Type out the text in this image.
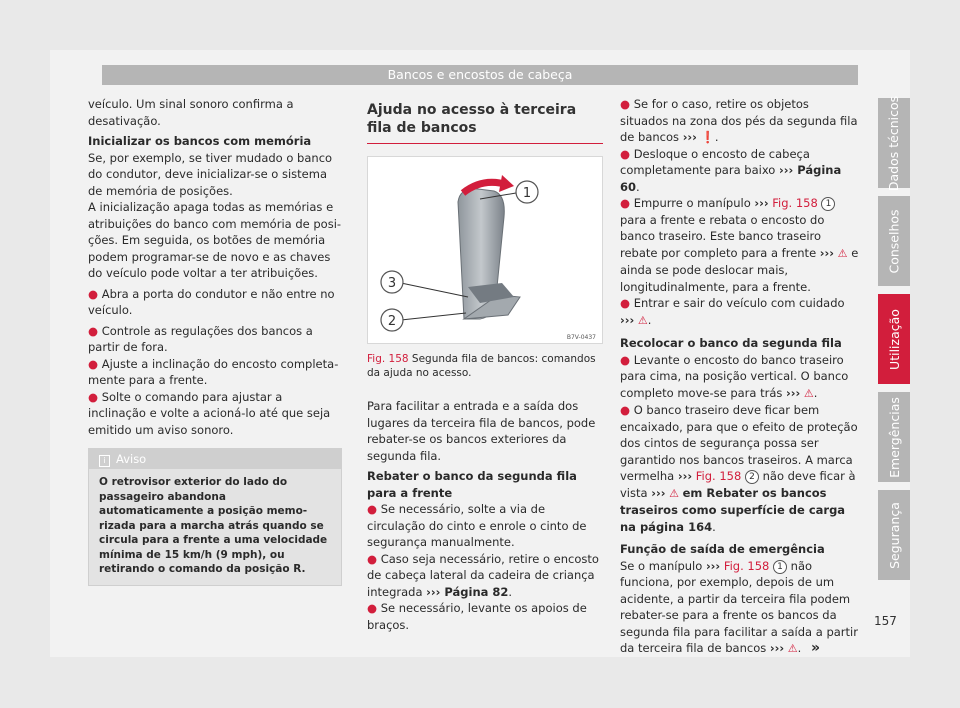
Bancos e encostos de cabeça

veículo. Um sinal sonoro confirma a desativação.

Inicializar os bancos com memória
Se, por exemplo, se tiver mudado o banco do condutor, deve inicializar-se o sistema de memória de posições.

A inicialização apaga todas as memórias e atribuições do banco com memória de posições. Em seguida, os botões de memória podem programar-se de novo e as chaves do veículo pode voltar a ter atribuições.

● Abra a porta do condutor e não entre no veículo.

● Controle as regulações dos bancos a partir de fora.

● Ajuste a inclinação do encosto completamente para a frente.

● Solte o comando para ajustar a inclinação e volte a acioná-lo até que seja emitido um aviso sonoro.

i Aviso
O retrovisor exterior do lado do passageiro abandona automaticamente a posição memorizada para a marcha atrás quando se circula para a frente a uma velocidade mínima de 15 km/h (9 mph), ou retirando o comando da posição R.
Ajuda no acesso à terceira fila de bancos
1
3
2
B7V-0437
Fig. 158 Segunda fila de bancos: comandos da ajuda no acesso.

Para facilitar a entrada e a saída dos lugares da terceira fila de bancos, pode rebater-se os bancos exteriores da segunda fila.

Rebater o banco da segunda fila para a frente

● Se necessário, solte a via de circulação do cinto e enrole o cinto de segurança manualmente.

● Caso seja necessário, retire o encosto de cabeça lateral da cadeira de criança integrada ››› Página 82.

● Se necessário, levante os apoios de braços.

● Se for o caso, retire os objetos situados na zona dos pés da segunda fila de bancos ››› ❗.

● Desloque o encosto de cabeça completamente para baixo ››› Página 60.

● Empurre o manípulo ››› Fig. 158 1 para a frente e rebata o encosto do banco traseiro. Este banco traseiro rebate por completo para a frente ››› ⚠ e ainda se pode deslocar mais, longitudinalmente, para a frente.

● Entrar e sair do veículo com cuidado ››› ⚠.

Recolocar o banco da segunda fila

● Levante o encosto do banco traseiro para cima, na posição vertical. O banco completo move-se para trás ››› ⚠.

● O banco traseiro deve ficar bem encaixado, para que o efeito de proteção dos cintos de segurança possa ser garantido nos bancos traseiros. A marca vermelha ››› Fig. 158 2 não deve ficar à vista ››› ⚠ em Rebater os bancos traseiros como superfície de carga na página 164.

Função de saída de emergência

Se o manípulo ››› Fig. 158 1 não funciona, por exemplo, depois de um acidente, a partir da terceira fila podem rebater-se para a frente os bancos da segunda fila para facilitar a saída a partir da terceira fila de bancos ››› ⚠. »

Dados técnicos
Conselhos
Utilização
Emergências
Segurança
157
